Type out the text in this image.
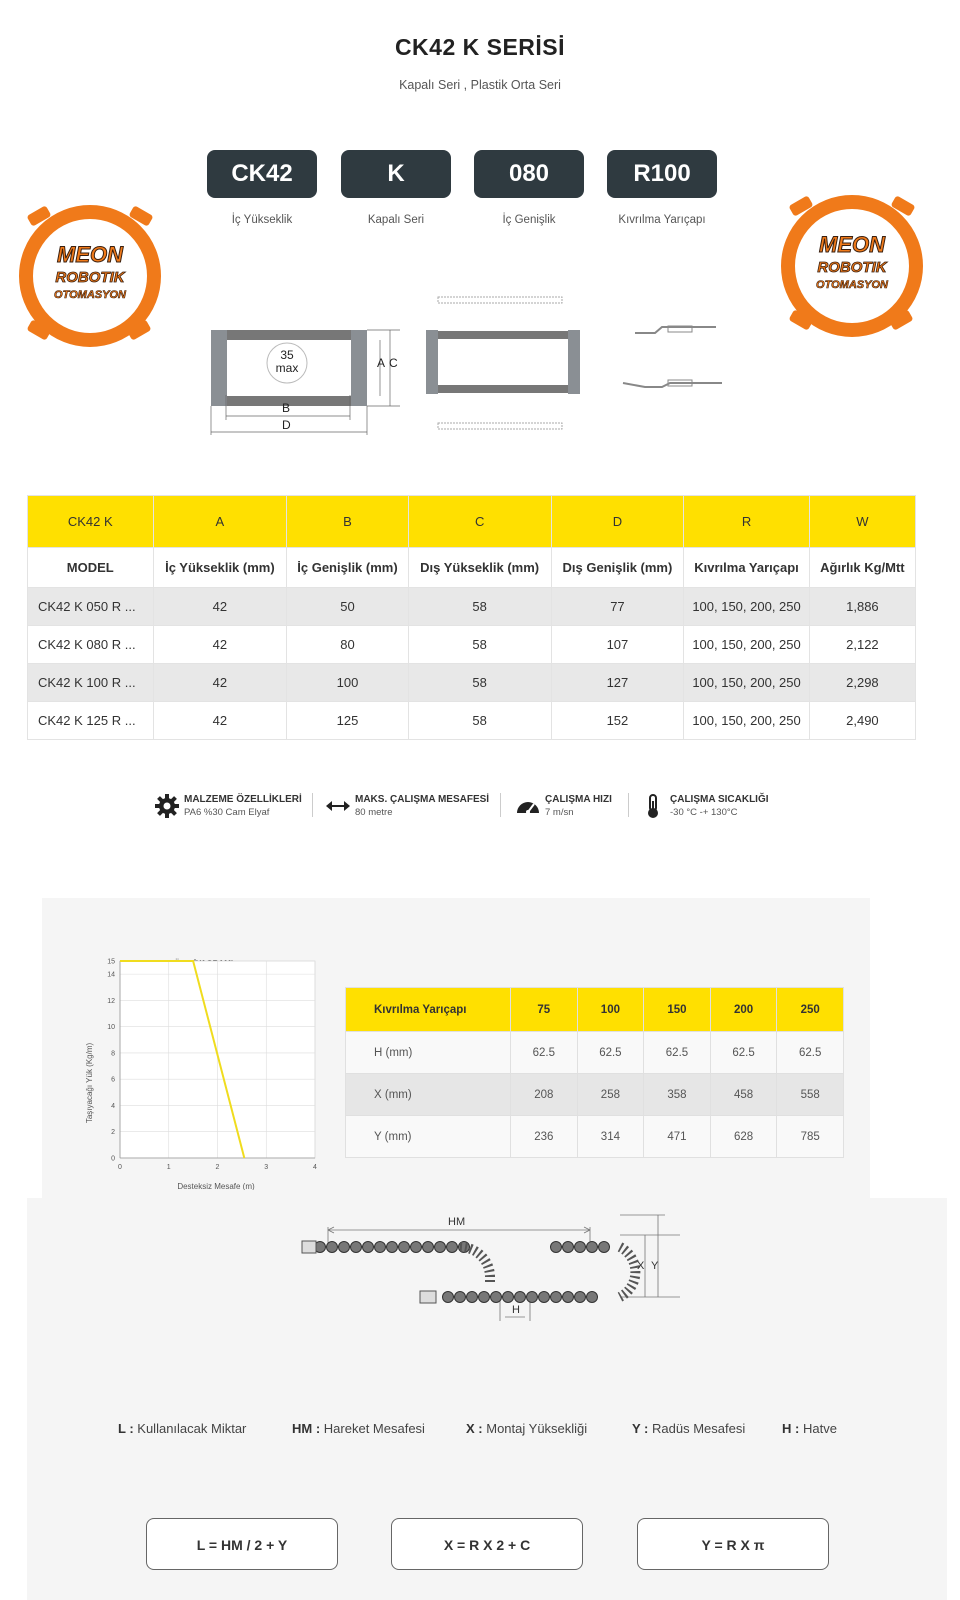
CK42 K SERİSİ
Kapalı Seri , Plastik Orta Seri
CK42	K	080	R100
İç Yükseklik	Kapalı Seri	İç Genişlik	Kıvrılma Yarıçapı
MEON
ROBOTIK
OTOMASYON
MEON
ROBOTIK
OTOMASYON
35
max	A C
B
D
CK42 K	A	B	C	D	R	W
MODEL	İç Yükseklik (mm)	İç Genişlik (mm)	Dış Yükseklik (mm)	Dış Genişlik (mm)	Kıvrılma Yarıçapı	Ağırlık Kg/Mtt
CK42 K 050 R ...	42	50	58	77	100, 150, 200, 250	1,886
CK42 K 080 R ...	42	80	58	107	100, 150, 200, 250	2,122
CK42 K 100 R ...	42	100	58	127	100, 150, 200, 250	2,298
CK42 K 125 R ...	42	125	58	152	100, 150, 200, 250	2,490
MALZEME ÖZELLİKLERİ
PA6 %30 Cam Elyaf
MAKS. ÇALIŞMA MESAFESİ
80 metre
ÇALIŞMA HIZI
7 m/sn
ÇALIŞMA SICAKLIĞI
-30 °C -+ 130°C
Desteksiz Mesafe (m)
Taşıyacağı Yük (Kg/m)
0	1	2	3	4
0
2
4
6
8
10
12
14
15
Kıvrılma Yarıçapı	75	100	150	200	250
H (mm)	62.5	62.5	62.5	62.5	62.5
X (mm)	208	258	358	458	558
Y (mm)	236	314	471	628	785
HM
H
X Y
L : Kullanılacak Miktar	HM : Hareket Mesafesi	X : Montaj Yüksekliği	Y : Radüs Mesafesi	H : Hatve
L = HM / 2 + Y	X = R X 2 + C	Y = R X π
